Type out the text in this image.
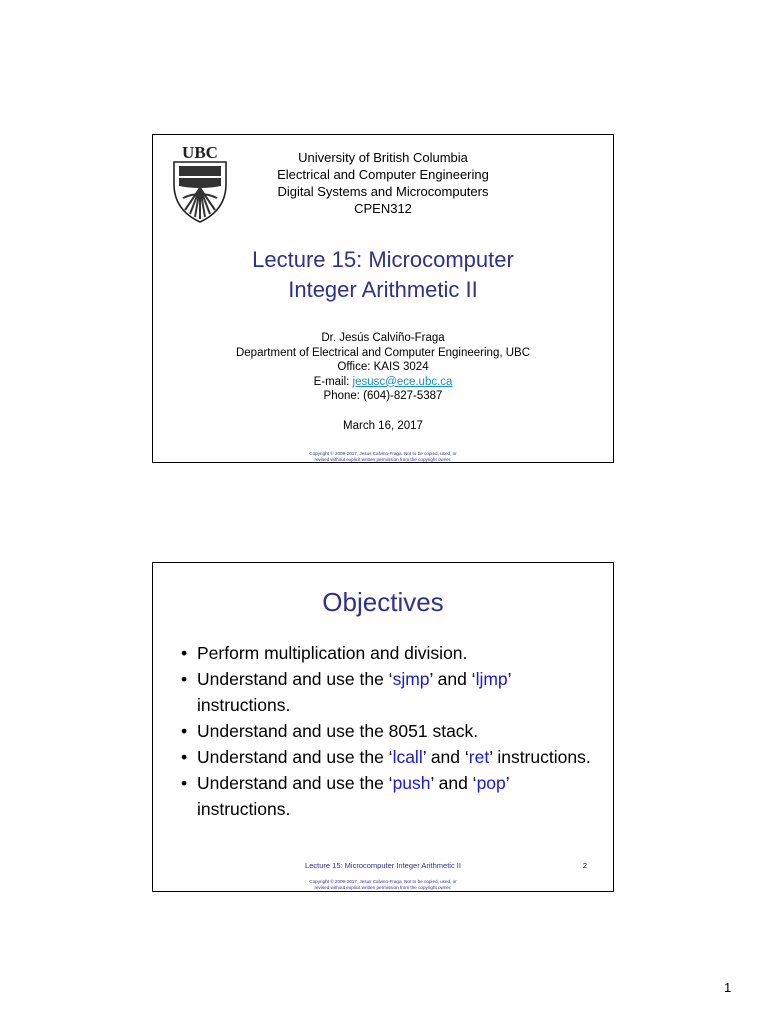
UBC	University of British Columbia
Electrical and Computer Engineering
Digital Systems and Microcomputers
CPEN312
Lecture 15: Microcomputer
Integer Arithmetic II
Dr. Jesús Calviño-Fraga
Department of Electrical and Computer Engineering, UBC
Office: KAIS 3024
E-mail: jesusc@ece.ubc.ca
Phone: (604)-827-5387
March 16, 2017
Copyright © 2009-2017, Jesus Calvino-Fraga. Not to be copied, used, or
revised without explicit written permission from the copyright owner.
Objectives
• Perform multiplication and division.
• Understand and use the ‘sjmp’ and ‘ljmp’ instructions.
• Understand and use the 8051 stack.
• Understand and use the ‘lcall’ and ‘ret’ instructions.
• Understand and use the ‘push’ and ‘pop’ instructions.
Lecture 15: Microcomputer Integer Arithmetic II	2
Copyright © 2009-2017, Jesus Calvino-Fraga. Not to be copied, used, or
revised without explicit written permission from the copyright owner.
1
